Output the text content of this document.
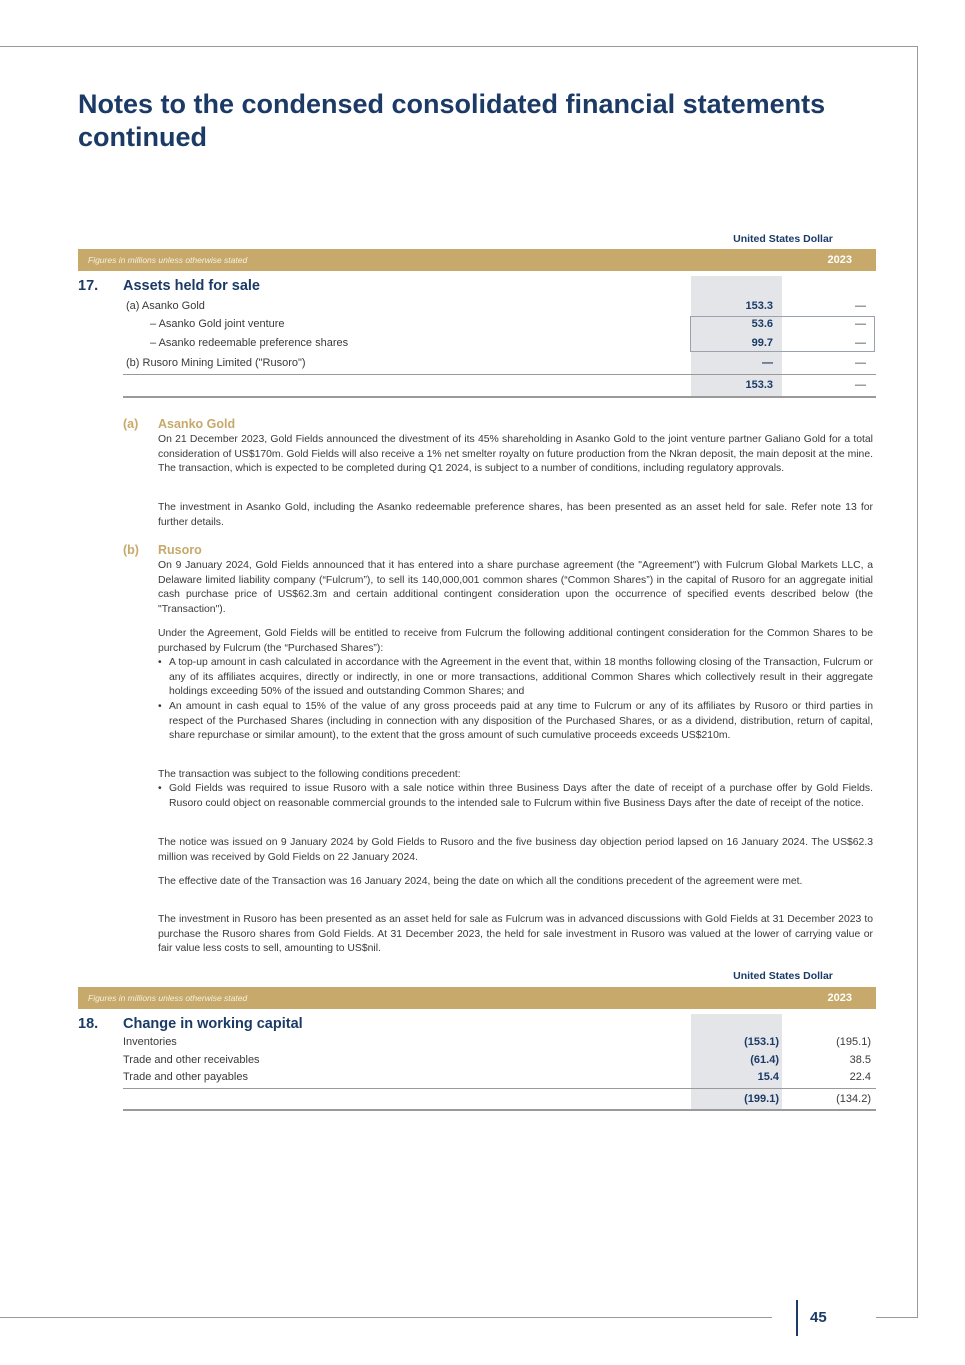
Notes to the condensed consolidated financial statements continued
United States Dollar
Figures in millions unless otherwise stated	2023	2022
17. Assets held for sale
(a) Asanko Gold	153.3	—
– Asanko Gold joint venture	53.6	—
– Asanko redeemable preference shares	99.7	—
(b) Rusoro Mining Limited ("Rusoro")	—	—
153.3	—
(a) Asanko Gold

On 21 December 2023, Gold Fields announced the divestment of its 45% shareholding in Asanko Gold to the joint venture partner Galiano Gold for a total consideration of US$170m. Gold Fields will also receive a 1% net smelter royalty on future production from the Nkran deposit, the main deposit at the mine. The transaction, which is expected to be completed during Q1 2024, is subject to a number of conditions, including regulatory approvals.

The investment in Asanko Gold, including the Asanko redeemable preference shares, has been presented as an asset held for sale. Refer note 13 for further details.

(b) Rusoro

On 9 January 2024, Gold Fields announced that it has entered into a share purchase agreement (the "Agreement") with Fulcrum Global Markets LLC, a Delaware limited liability company (“Fulcrum”), to sell its 140,000,001 common shares (“Common Shares”) in the capital of Rusoro for an aggregate initial cash purchase price of US$62.3m and certain additional contingent consideration upon the occurrence of specified events described below (the "Transaction").

Under the Agreement, Gold Fields will be entitled to receive from Fulcrum the following additional contingent consideration for the Common Shares to be purchased by Fulcrum (the “Purchased Shares”):

• A top-up amount in cash calculated in accordance with the Agreement in the event that, within 18 months following closing of the Transaction, Fulcrum or any of its affiliates acquires, directly or indirectly, in one or more transactions, additional Common Shares which collectively result in their aggregate holdings exceeding 50% of the issued and outstanding Common Shares; and
• An amount in cash equal to 15% of the value of any gross proceeds paid at any time to Fulcrum or any of its affiliates by Rusoro or third parties in respect of the Purchased Shares (including in connection with any disposition of the Purchased Shares, or as a dividend, distribution, return of capital, share repurchase or similar amount), to the extent that the gross amount of such cumulative proceeds exceeds US$210m.

The transaction was subject to the following conditions precedent:

• Gold Fields was required to issue Rusoro with a sale notice within three Business Days after the date of receipt of a purchase offer by Gold Fields. Rusoro could object on reasonable commercial grounds to the intended sale to Fulcrum within five Business Days after the date of receipt of the notice.

The notice was issued on 9 January 2024 by Gold Fields to Rusoro and the five business day objection period lapsed on 16 January 2024. The US$62.3 million was received by Gold Fields on 22 January 2024.

The effective date of the Transaction was 16 January 2024, being the date on which all the conditions precedent of the agreement were met.

The investment in Rusoro has been presented as an asset held for sale as Fulcrum was in advanced discussions with Gold Fields at 31 December 2023 to purchase the Rusoro shares from Gold Fields. At 31 December 2023, the held for sale investment in Rusoro was valued at the lower of carrying value or fair value less costs to sell, amounting to US$nil.

United States Dollar
Figures in millions unless otherwise stated	2023	2022
18. Change in working capital
Inventories	(153.1)	(195.1)
Trade and other receivables	(61.4)	38.5
Trade and other payables	15.4	22.4
(199.1)	(134.2)
45
